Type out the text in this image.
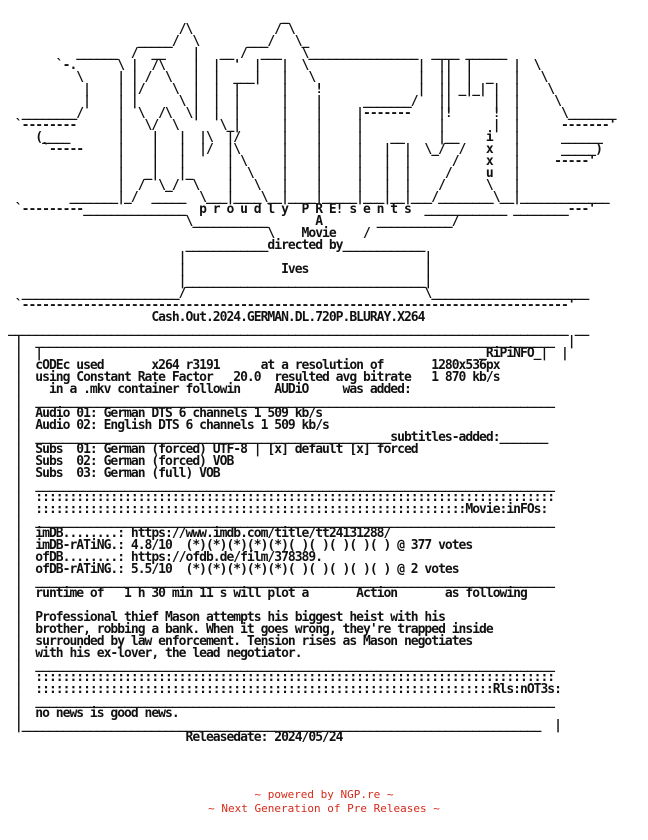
_
/\            / \
_____/  \       ___/   \_
______  /  __    |   __ /  ___   \________________  ____ ______
`-.      \ |  /\    |  |  '  |   |  \                |  ||  |      |  \
\     | | /  \   |  |  ___|   |   \               |  ||  |  _   |   \
|    | |/    \  |  |  |      |    !              |  || _|_| |  |    \
|    | |      \ |  |  |      |    |      _______/   ||      |  |     \
________/     |  \  /\  \|  |  |      |    |     |-------    |!      !  |      \_______
`--------      |   \/  \      \_|      |    |     |           |       |  |      -------'
(____       |    |   |  |\  |/      |    |     |    __     |__    i   |      ______
`-----     |    |   |  |/  |\      |    |     |   |  |  \_/  /   x   |      _____)
|    |   |      | \     |    |     |   |  |      /    x   |     -----'
|   _|   |_     |  \    |    |     |   |  |     /     u   |
|  /  \_/  \    |   \   |    |     |   |  |    /      \   |
_______|_/  _____  \___|____\__|____|_____|___|__|___/________\__|_____________
`---------_______________  p r o u d l y  P R E! s e n t s  ____________ ________---'
\___________       A        ___________/
\    Movie    /
____________directed by____________
|                                   |
|              Ives                 |
|___________________________________|
_______________________/                                   \_______________________
`--------------------------------------------------------------------------------'
Cash.Out.2024.GERMAN.DL.720P.BLURAY.X264
__________________________________________________________________________________ __
|  ____________________________________________________________________________  |
|  |                                                                _RiPiNFO_|  |
|  cODEc used       x264 r3191      at a resolution of       1280x536px
|  using Constant Rate Factor   20.0  resulted avg bitrate   1 870 kb/s
|    in a .mkv container followin     AUDiO     was added:
|  ____________________________________________________________________________
|  Audio 01: German DTS 6 channels 1 509 kb/s
|  Audio 02: English DTS 6 channels 1 509 kb/s
|  ____________________________________________________subtitles-added:_______
|  Subs  01: German (forced) UTF-8 | [x] default [x] forced
|  Subs  02: German (forced) VOB
|  Subs  03: German (full) VOB
|  ____________________________________________________________________________
|  ::::::::::::::::::::::::::::::::::::::::::::::::::::::::::::::::::::::::::::
|  :::::::::::::::::::::::::::::::::::::::::::::::::::::::::::::::Movie:inFOs:
|  ____________________________________________________________________________
|  imDB........: https://www.imdb.com/title/tt24131288/
|  imDB-rATiNG.: 4.8/10  (*)(*)(*)(*)(*)( )( )( )( )( ) @ 377 votes
|  ofDB........: https://ofdb.de/film/378389.
|  ofDB-rATiNG.: 5.5/10  (*)(*)(*)(*)(*)( )( )( )( )( ) @ 2 votes
|  ____________________________________________________________________________
|  runtime of   1 h 30 min 11 s will plot a       Action       as following
|
|  Professional thief Mason attempts his biggest heist with his
|  brother, robbing a bank. When it goes wrong, they're trapped inside
|  surrounded by law enforcement. Tension rises as Mason negotiates
|  with his ex-lover, the lead negotiator.
|  ____________________________________________________________________________
|  ::::::::::::::::::::::::::::::::::::::::::::::::::::::::::::::::::::::::::::
|  :::::::::::::::::::::::::::::::::::::::::::::::::::::::::::::::::::Rls:nOT3s:
|  ____________________________________________________________________________
|  no news is good news.
|____________________________________________________________________________  |
Releasedate: 2024/05/24
~ powered by NGP.re ~
~ Next Generation of Pre Releases ~
